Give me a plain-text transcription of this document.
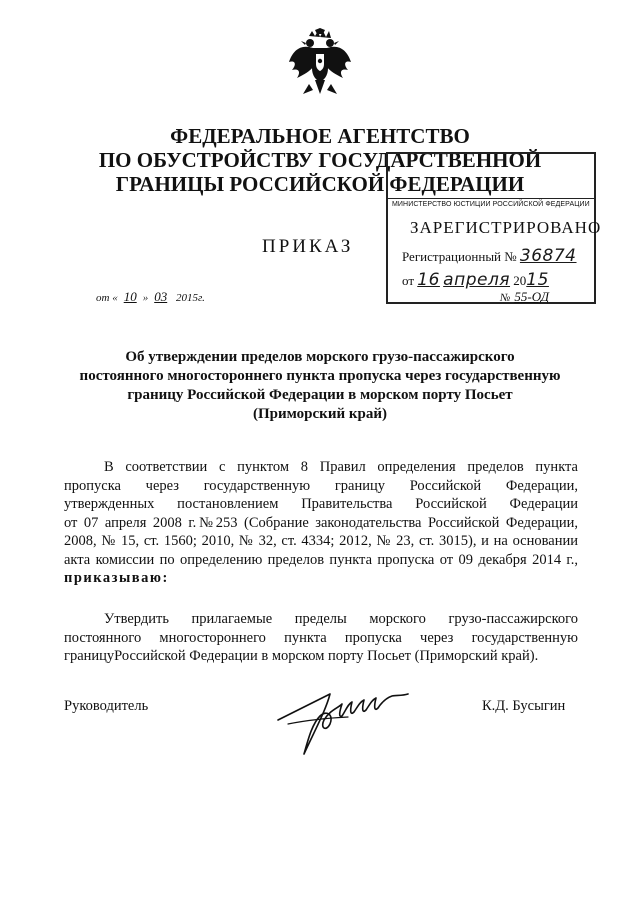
ФЕДЕРАЛЬНОЕ АГЕНТСТВО
ПО ОБУСТРОЙСТВУ ГОСУДАРСТВЕННОЙ
ГРАНИЦЫ РОССИЙСКОЙ ФЕДЕРАЦИИ
МИНИСТЕРСТВО ЮСТИЦИИ РОССИЙСКОЙ ФЕДЕРАЦИИ
ЗАРЕГИСТРИРОВАНО
Регистрационный № 36874
от 16 апреля 2015
ПРИКАЗ
от « 10 » 03 2015г.	№ 55-ОД
Об утверждении пределов морского грузо-пассажирского
постоянного многостороннего пункта пропуска через государственную
границу Российской Федерации в морском порту Посьет
(Приморский край)
В соответствии с пунктом 8 Правил определения пределов пункта
пропуска через государственную границу Российской Федерации,
утвержденных постановлением Правительства Российской Федерации
от 07 апреля 2008 г.№253 (Собрание законодательства Российской Федерации,
2008, № 15, ст. 1560; 2010, № 32, ст. 4334; 2012, № 23, ст. 3015), и на основании
акта комиссии по определению пределов пункта пропуска от 09 декабря 2014 г.,
приказываю:
Утвердить прилагаемые пределы морского грузо-пассажирского
постоянного многостороннего пункта пропуска через государственную
границуРоссийской Федерации в морском порту Посьет (Приморский край).
Руководитель	К.Д. Бусыгин
